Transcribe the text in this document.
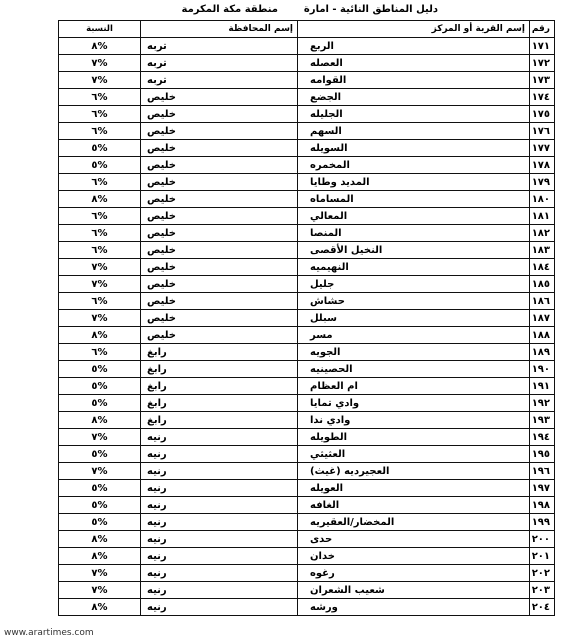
دليل المناطق النائية - امارة
منطقة مكة المكرمة
رقم	إسم القرية أو المركز	إسم المحافظة	النسبة
١٧١	الربع	تربه	%٨
١٧٢	العصله	تربه	%٧
١٧٣	القوامه	تربه	%٧
١٧٤	الجضع	خليص	%٦
١٧٥	الجليله	خليص	%٦
١٧٦	السهم	خليص	%٦
١٧٧	السويله	خليص	%٥
١٧٨	المخمره	خليص	%٥
١٧٩	المديد وطايا	خليص	%٦
١٨٠	المساماه	خليص	%٨
١٨١	المعالي	خليص	%٦
١٨٢	المنصا	خليص	%٦
١٨٣	النخيل الأقصى	خليص	%٦
١٨٤	النهيميه	خليص	%٧
١٨٥	جليل	خليص	%٧
١٨٦	حشاش	خليص	%٦
١٨٧	سبلل	خليص	%٧
١٨٨	مسر	خليص	%٨
١٨٩	الجويه	رابغ	%٦
١٩٠	الحصينيه	رابغ	%٥
١٩١	ام العظام	رابغ	%٥
١٩٢	وادي تمايا	رابغ	%٥
١٩٣	وادي ندا	رابغ	%٨
١٩٤	الطويله	رنيه	%٧
١٩٥	العثيثي	رنيه	%٥
١٩٦	العجيرديه (غيث)	رنيه	%٧
١٩٧	العويله	رنيه	%٥
١٩٨	الغافه	رنيه	%٥
١٩٩	المخضار/العقيريه	رنيه	%٥
٢٠٠	حدى	رنيه	%٨
٢٠١	خدان	رنيه	%٨
٢٠٢	رغوه	رنيه	%٧
٢٠٣	شعيب الشعران	رنيه	%٧
٢٠٤	ورشه	رنيه	%٨
www.arartimes.com
